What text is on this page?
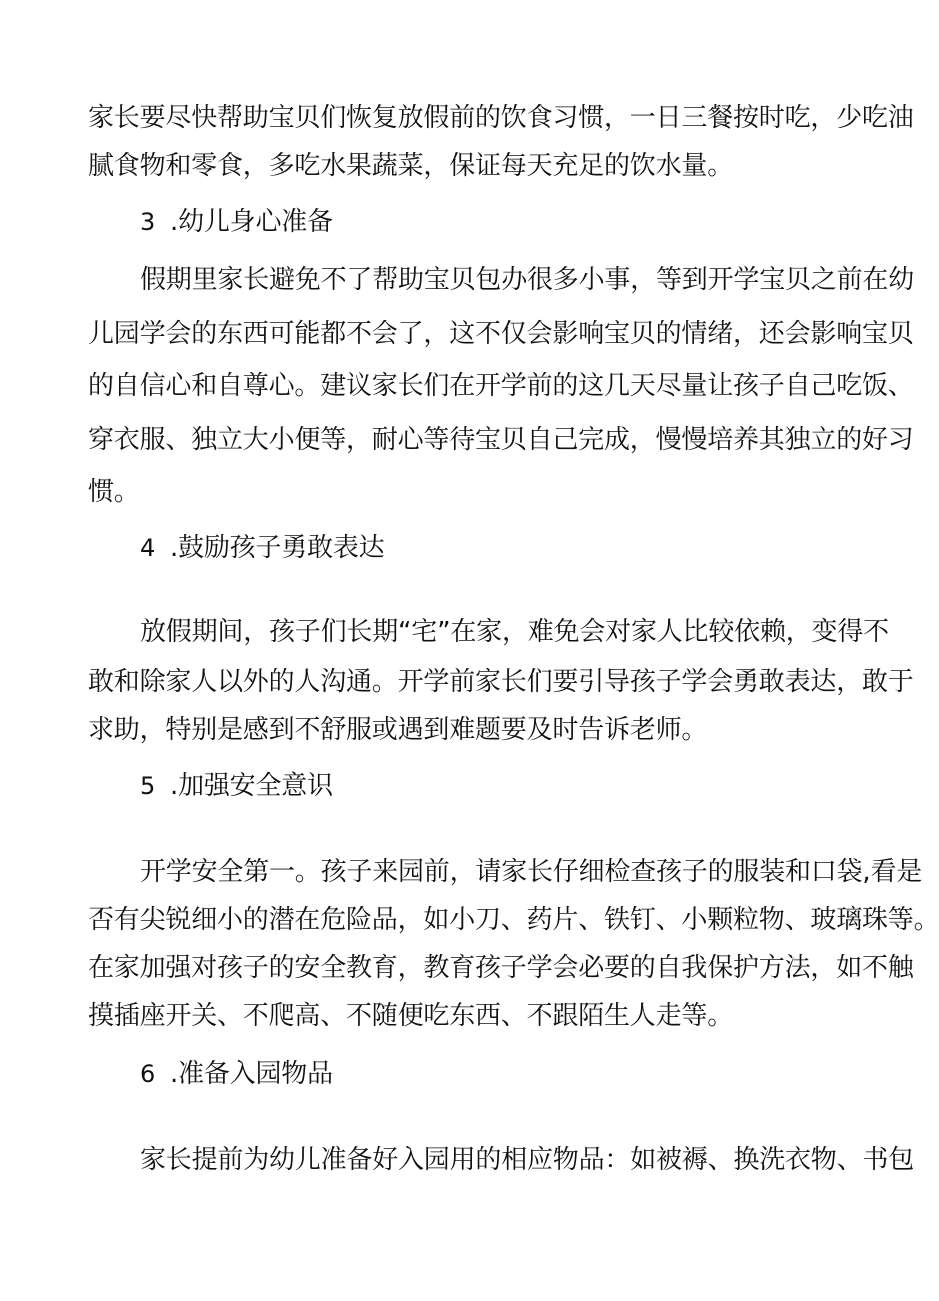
家长要尽快帮助宝贝们恢复放假前的饮食习惯，一日三餐按时吃，少吃油
腻食物和零食，多吃水果蔬菜，保证每天充足的饮水量。
3 .幼儿身心准备
假期里家长避免不了帮助宝贝包办很多小事，等到开学宝贝之前在幼
儿园学会的东西可能都不会了，这不仅会影响宝贝的情绪，还会影响宝贝
的自信心和自尊心。建议家长们在开学前的这几天尽量让孩子自己吃饭、
穿衣服、独立大小便等，耐心等待宝贝自己完成，慢慢培养其独立的好习
惯。
4 .鼓励孩子勇敢表达
放假期间，孩子们长期“宅”在家，难免会对家人比较依赖，变得不
敢和除家人以外的人沟通。开学前家长们要引导孩子学会勇敢表达，敢于
求助，特别是感到不舒服或遇到难题要及时告诉老师。
5 .加强安全意识
开学安全第一。孩子来园前，请家长仔细检查孩子的服装和口袋,看是
否有尖锐细小的潜在危险品，如小刀、药片、铁钉、小颗粒物、玻璃珠等。
在家加强对孩子的安全教育，教育孩子学会必要的自我保护方法，如不触
摸插座开关、不爬高、不随便吃东西、不跟陌生人走等。
6 .准备入园物品
家长提前为幼儿准备好入园用的相应物品：如被褥、换洗衣物、书包
